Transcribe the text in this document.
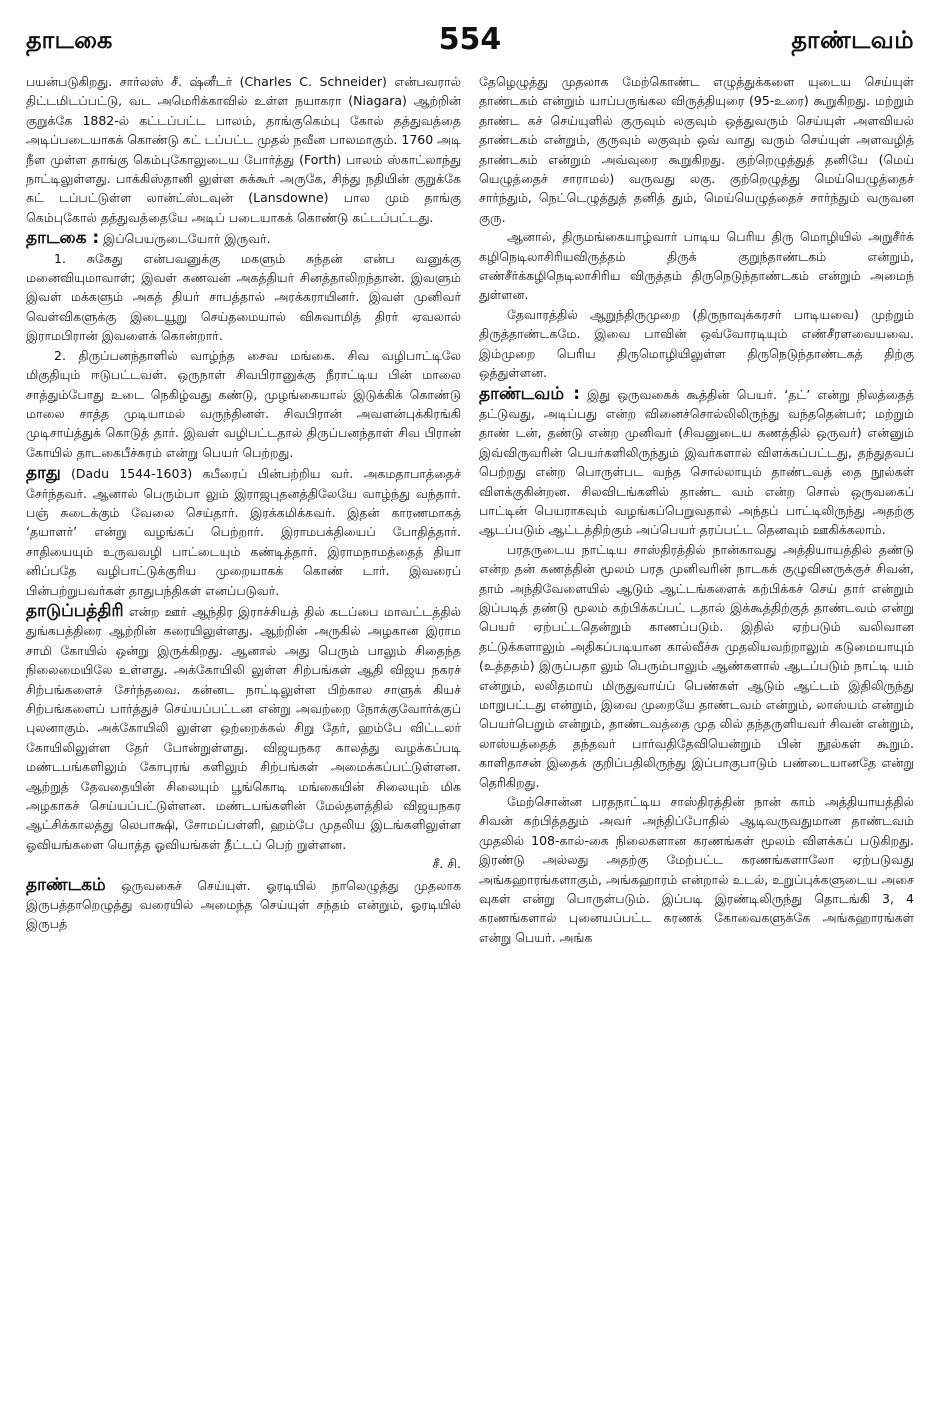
தாடகை	554	தாண்டவம்

பயன்படுகிறது. சார்லஸ் சீ. ஷ்னீடர் (Charles C. Schneider) என்பவரால் திட்டமிடப்பட்டு, வட அமெரிக்காவில் உள்ள நயாகரா (Niagara) ஆற்றின் குறுக்கே 1882-ல் கட்டப்பட்ட பாலம், தாங்குகெம்பு கோல் தத்துவத்தை அடிப்படையாகக் கொண்டு கட் டப்பட்ட முதல் நவீன பாலமாகும். 1760 அடி நீள முள்ள தாங்கு கெம்புகோலுடைய போர்த்து (Forth) பாலம் ஸ்காட்லாந்து நாட்டிலுள்ளது. பாக்கிஸ்தானி லுள்ள சுக்கூர் அருகே, சிந்து நதியின் குறுக்கே கட் டப்பட்டுள்ள லான்ட்ஸ்டவுன் (Lansdowne) பால மும் தாங்கு கெம்புகோல் தத்துவத்தையே அடிப் படையாகக் கொண்டு கட்டப்பட்டது.

தாடகை : இப்பெயருடையோர் இருவர்.

1. சுகேது என்பவனுக்கு மகளும் சுந்தன் என்ப வனுக்கு மனைவியுமாவாள்; இவள் கணவன் அகத்தியர் சினத்தாலிறந்தான். இவளும் இவள் மக்களும் அகத் தியர் சாபத்தால் அரக்கராயினர். இவள் முனிவர் வெள்விகளுக்கு இடையூறு செய்தமையால் விசுவாமித் திரர் ஏவலால் இராமபிரான் இவளைக் கொன்றார்.

2. திருப்பனந்தாளில் வாழ்ந்த சைவ மங்கை. சிவ வழிபாட்டிலே மிகுதியும் ஈடுபட்டவள். ஒருநாள் சிவபிரானுக்கு நீராட்டிய பின் மாலை சாத்தும்போது உடை நெகிழ்வது கண்டு, முழங்கையால் இடுக்கிக் கொண்டு மாலை சாத்த முடியாமல் வருந்தினள். சிவபிரான் அவளன்புக்கிரங்கி முடிசாய்த்துக் கொடுத் தார். இவள் வழிபட்டதால் திருப்பனந்தாள் சிவ பிரான் கோயில் தாடகைபீச்சுரம் என்று பெயர் பெற்றது.

தாது (Dadu 1544-1603) கபீரைப் பின்பற்றிய வர். அகமதாபாத்தைச் சேர்ந்தவர். ஆனால் பெரும்பா லும் இராஜபுதனத்திலேயே வாழ்ந்து வந்தார். பஞ் சுடைக்கும் வேலை செய்தார். இரக்கமிக்கவர். இதன் காரணமாகத் ‘தயாளர்’ என்று வழங்கப் பெற்றார். இராமபக்தியைப் போதித்தார். சாதியையும் உருவவழி பாட்டையும் கண்டித்தார். இராமநாமத்தைத் தியா னிப்பதே வழிபாட்டுக்குரிய முறையாகக் கொண் டார். இவரைப் பின்பற்றுபவர்கள் தாதுபந்திகள் எனப்படுவர்.

தாடுப்பத்திரி என்ற ஊர் ஆந்திர இராச்சியத் தில் கடப்பை மாவட்டத்தில் துங்கபத்திரை ஆற்றின் கரையிலுள்ளது. ஆற்றின் அருகில் அழகான இராம சாமி கோயில் ஒன்று இருக்கிறது. ஆனால் அது பெரும் பாலும் சிதைந்த நிலைமையிலே உள்ளது. அக்கோயிலி லுள்ள சிற்பங்கள் ஆதி விஜய நகரச் சிற்பங்களைச் சேர்ந்தவை. கன்னட நாட்டிலுள்ள பிற்கால சாளுக் கியச் சிற்பங்களைப் பார்த்துச் செய்யப்பட்டன என்று அவற்றை நோக்குவோர்க்குப் புலனாகும். அக்கோயிலி லுள்ள ஒற்றைக்கல் சிறு தேர், ஹம்பே விட்டலர் கோயிலிலுள்ள தேர் போன்றுள்ளது. விஜயநகர காலத்து வழக்கப்படி மண்டபங்களிலும் கோபுரங் களிலும் சிற்பங்கள் அமைக்கப்பட்டுள்ளன. ஆற்றுத் தேவதையின் சிலையும் பூங்கொடி மங்கையின் சிலையும் மிக அழகாகச் செய்யப்பட்டுள்ளன. மண்டபங்களின் மேல்தளத்தில் விஜயநகர ஆட்சிக்காலத்து லெபாக்ஷி, சோமப்பள்ளி, ஹம்பே முதலிய இடங்களிலுள்ள ஓவியங்களை யொத்த ஓவியங்கள் தீட்டப் பெற் றுள்ளன.

சீ. சி.

தாண்டகம் ஒருவகைச் செய்யுள். ஓரடியில் நாலெழுத்து முதலாக இருபத்தாறெழுத்து வரையில் அமைந்த செய்யுள் சந்தம் என்றும், ஓரடியில் இருபத்

தேழெழுத்து முதலாக மேற்கொண்ட எழுத்துக்களை யுடைய செய்யுள் தாண்டகம் என்றும் யாப்பருங்கல விருத்தியுரை (95-உரை) கூறுகிறது. மற்றும் தாண்ட கச் செய்யுளில் குருவும் லகுவும் ஒத்துவரும் செய்யுள் அளவியல் தாண்டகம் என்றும், குருவும் லகுவும் ஒவ் வாது வரும் செய்யுள் அளவழித் தாண்டகம் என்றும் அவ்வுரை கூறுகிறது. குற்றெழுத்துத் தனியே (மெய் யெழுத்தைச் சாராமல்) வருவது லகு. குற்றெழுத்து மெய்யெழுத்தைச் சார்ந்தும், நெட்டெழுத்துத் தனித் தும், மெய்யெழுத்தைச் சார்ந்தும் வருவன குரு.

ஆனால், திருமங்கையாழ்வார் பாடிய பெரிய திரு மொழியில் அறுசீர்க் கழிநெடிலாசிரியவிருத்தம் திருக் குறுந்தாண்டகம் என்றும், எண்சீர்க்கழிநெடிலாசிரிய விருத்தம் திருநெடுந்தாண்டகம் என்றும் அமைந் துள்ளன.

தேவாரத்தில் ஆறுந்திருமுறை (திருநாவுக்கரசர் பாடியவை) முற்றும் திருத்தாண்டகமே. இவை பாவின் ஒவ்வோரடியும் எண்சீரளவையவை. இம்முறை பெரிய திருமொழியிலுள்ள திருநெடுந்தாண்டகத் திற்கு ஒத்துள்ளன.

தாண்டவம் : இது ஒருவகைக் கூத்தின் பெயர். ‘தட்’ என்று நிலத்தைத் தட்டுவது, அடிப்பது என்ற வினைச்சொல்லிலிருந்து வந்ததென்பர்; மற்றும் தாண் டன், தண்டு என்ற முனிவர் (சிவனுடைய கணத்தில் ஒருவர்) என்னும் இவ்விருவரின் பெயர்களிலிருந்தும் இவர்களால் விளக்கப்பட்டது, தந்துதவப் பெற்றது என்ற பொருள்பட வந்த சொல்லாயும் தாண்டவத் தை நூல்கள் விளக்குகின்றன. சிலவிடங்களில் தாண்ட வம் என்ற சொல் ஒருவகைப் பாட்டின் பெயராகவும் வழங்கப்பெறுவதால் அந்தப் பாட்டிலிருந்து அதற்கு ஆடப்படும் ஆட்டத்திற்கும் அப்பெயர் தரப்பட்ட தெனவும் ஊகிக்கலாம்.

பரதருடைய நாட்டிய சாஸ்திரத்தில் நான்காவது அத்தியாயத்தில் தண்டு என்ற தன் கணத்தின் மூலம் பரத முனிவரின் நாடகக் குழுவினருக்குச் சிவன், தாம் அந்திவேளையில் ஆடும் ஆட்டங்களைக் கற்பிக்கச் செய் தார் என்றும் இப்படித் தண்டு மூலம் கற்பிக்கப்பட் டதால் இக்கூத்திற்குத் தாண்டவம் என்று பெயர் ஏற்பட்டதென்றும் காணப்படும். இதில் ஏற்படும் வலிவான தட்டுக்களாலும் அதிகப்படியான கால்வீச்சு முதலியவற்றாலும் கடுமையாயும் (உத்ததம்) இருப்பதா லும் பெரும்பாலும் ஆண்களால் ஆடப்படும் நாட்டி யம் என்றும், லலிதமாய் மிருதுவாய்ப் பெண்கள் ஆடும் ஆட்டம் இதிலிருந்து மாறுபட்டது என்றும், இவை முறையே தாண்டவம் என்றும், லாஸ்யம் என்றும் பெயர்பெறும் என்றும், தாண்டவத்தை முத லில் தந்தருளியவர் சிவன் என்றும், லாஸ்யத்தைத் தந்தவர் பார்வதிதேவியென்றும் பின் நூல்கள் கூறும். காளிதாசன் இதைக் குறிப்பதிலிருந்து இப்பாகுபாடும் பண்டையானதே என்று தெரிகிறது.

மேற்சொன்ன பரதநாட்டிய சாஸ்திரத்தின் நான் காம் அத்தியாயத்தில் சிவன் கற்பித்ததும் அவர் அந்திப்போதில் ஆடிவருவதுமான தாண்டவம் முதலில் 108-கால்-கை நிலைகளான கரணங்கள் மூலம் விளக்கப் படுகிறது. இரண்டு அல்லது அதற்கு மேற்பட்ட கரணங்களாலோ ஏற்படுவது அங்கஹாரங்களாகும், அங்கஹாரம் என்றால் உடல், உறுப்புக்களுடைய அசை வுகள் என்று பொருள்படும். இப்படி இரண்டிலிருந்து தொடங்கி 3, 4 கரணங்களால் புனையப்பட்ட கரணக் கோவைகளுக்கே அங்கஹாரங்கள் என்று பெயர். அங்க
